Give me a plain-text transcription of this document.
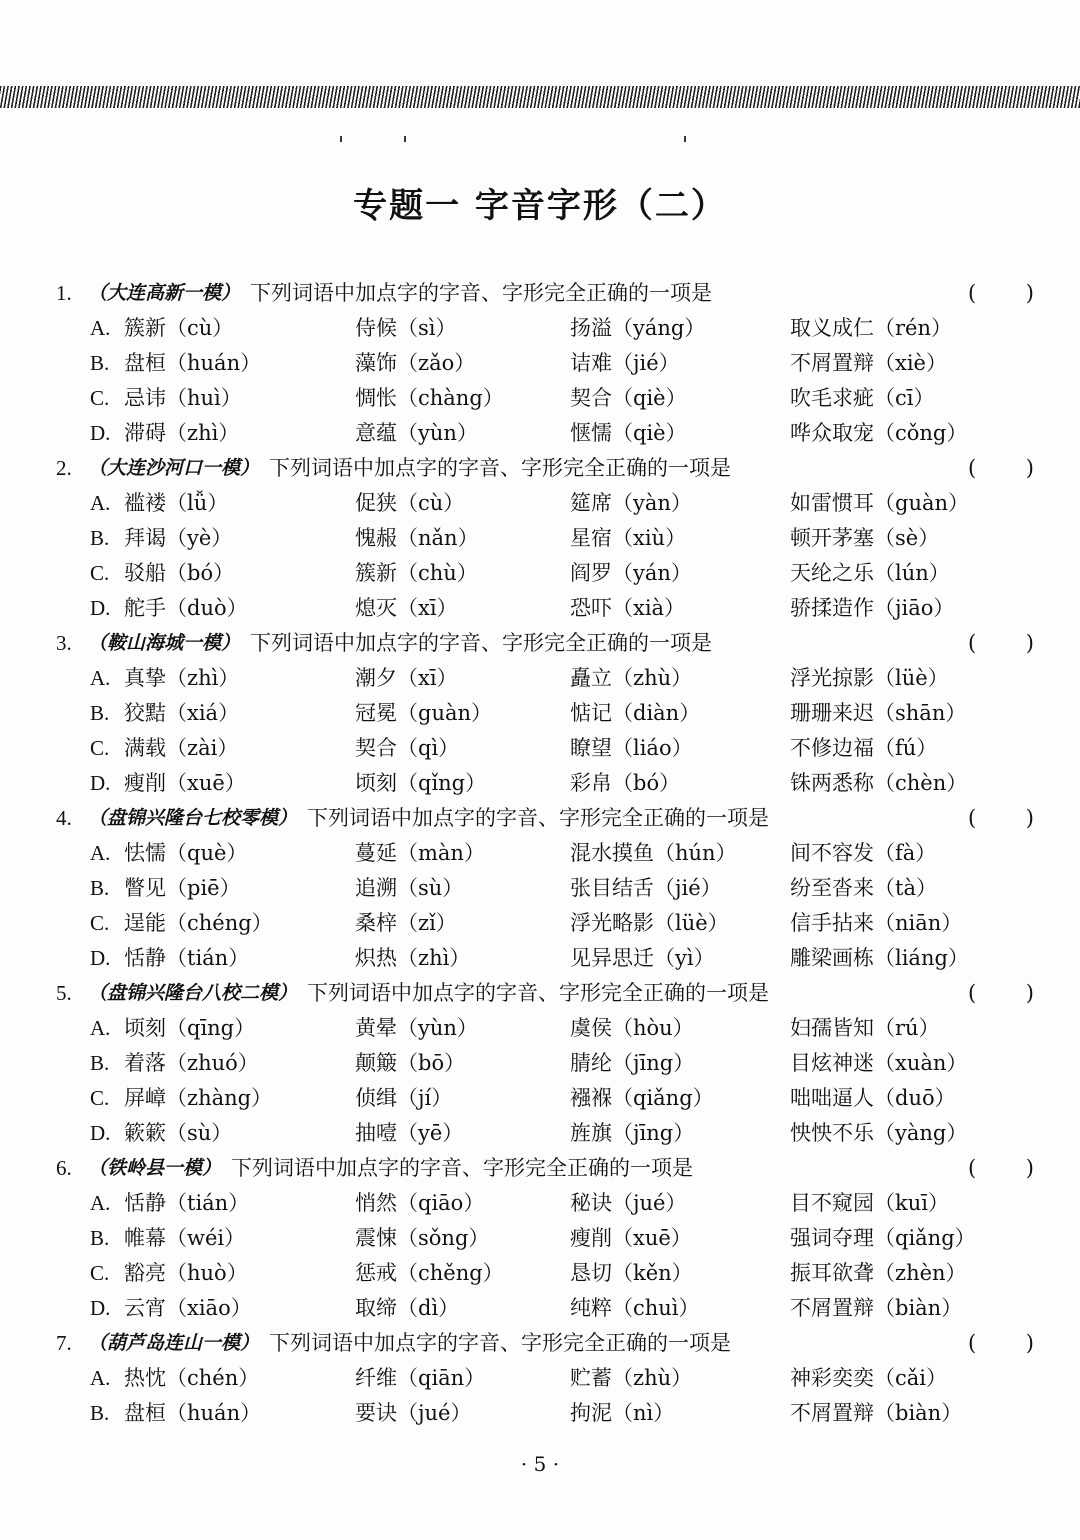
专题一 字音字形（二）
1. （大连高新一模） 下列词语中加点字的字音、字形完全正确的一项是	( )
A. 簇新（cù）	侍候（sì）	扬溢（yáng）	取义成仁（rén）
B. 盘桓（huán）	藻饰（zǎo）	诘难（jié）	不屑置辩（xiè）
C. 忌讳（huì）	惆怅（chàng）	契合（qiè）	吹毛求疵（cī）
D. 滞碍（zhì）	意蕴（yùn）	惬懦（qiè）	哗众取宠（cǒng）
2. （大连沙河口一模） 下列词语中加点字的字音、字形完全正确的一项是	( )
A. 褴褛（lǚ）	促狭（cù）	筵席（yàn）	如雷惯耳（guàn）
B. 拜谒（yè）	愧赧（nǎn）	星宿（xiù）	顿开茅塞（sè）
C. 驳船（bó）	簇新（chù）	阎罗（yán）	天纶之乐（lún）
D. 舵手（duò）	熄灭（xī）	恐吓（xià）	骄揉造作（jiāo）
3. （鞍山海城一模） 下列词语中加点字的字音、字形完全正确的一项是	( )
A. 真挚（zhì）	潮夕（xī）	矗立（zhù）	浮光掠影（lüè）
B. 狡黠（xiá）	冠冕（guàn）	惦记（diàn）	珊珊来迟（shān）
C. 满载（zài）	契合（qì）	瞭望（liáo）	不修边福（fú）
D. 瘦削（xuē）	顷刻（qǐng）	彩帛（bó）	铢两悉称（chèn）
4. （盘锦兴隆台七校零模） 下列词语中加点字的字音、字形完全正确的一项是	( )
A. 怯懦（què）	蔓延（màn）	混水摸鱼（hún）	间不容发（fà）
B. 瞥见（piē）	追溯（sù）	张目结舌（jié）	纷至沓来（tà）
C. 逞能（chéng）	桑梓（zǐ）	浮光略影（lüè）	信手拈来（niān）
D. 恬静（tián）	炽热（zhì）	见异思迁（yì）	雕梁画栋（liáng）
5. （盘锦兴隆台八校二模） 下列词语中加点字的字音、字形完全正确的一项是	( )
A. 顷刻（qīng）	黄晕（yùn）	虞侯（hòu）	妇孺皆知（rú）
B. 着落（zhuó）	颠簸（bō）	腈纶（jīng）	目炫神迷（xuàn）
C. 屏嶂（zhàng）	侦缉（jí）	襁褓（qiǎng）	咄咄逼人（duō）
D. 簌簌（sù）	抽噎（yē）	旌旗（jīng）	怏怏不乐（yàng）
6. （铁岭县一模） 下列词语中加点字的字音、字形完全正确的一项是	( )
A. 恬静（tián）	悄然（qiāo）	秘诀（jué）	目不窥园（kuī）
B. 帷幕（wéi）	震悚（sǒng）	瘦削（xuē）	强词夺理（qiǎng）
C. 豁亮（huò）	惩戒（chěng）	恳切（kěn）	振耳欲聋（zhèn）
D. 云宵（xiāo）	取缔（dì）	纯粹（chuì）	不屑置辩（biàn）
7. （葫芦岛连山一模） 下列词语中加点字的字音、字形完全正确的一项是	( )
A. 热忱（chén）	纤维（qiān）	贮蓄（zhù）	神彩奕奕（cǎi）
B. 盘桓（huán）	要诀（jué）	拘泥（nì）	不屑置辩（biàn）
· 5 ·
